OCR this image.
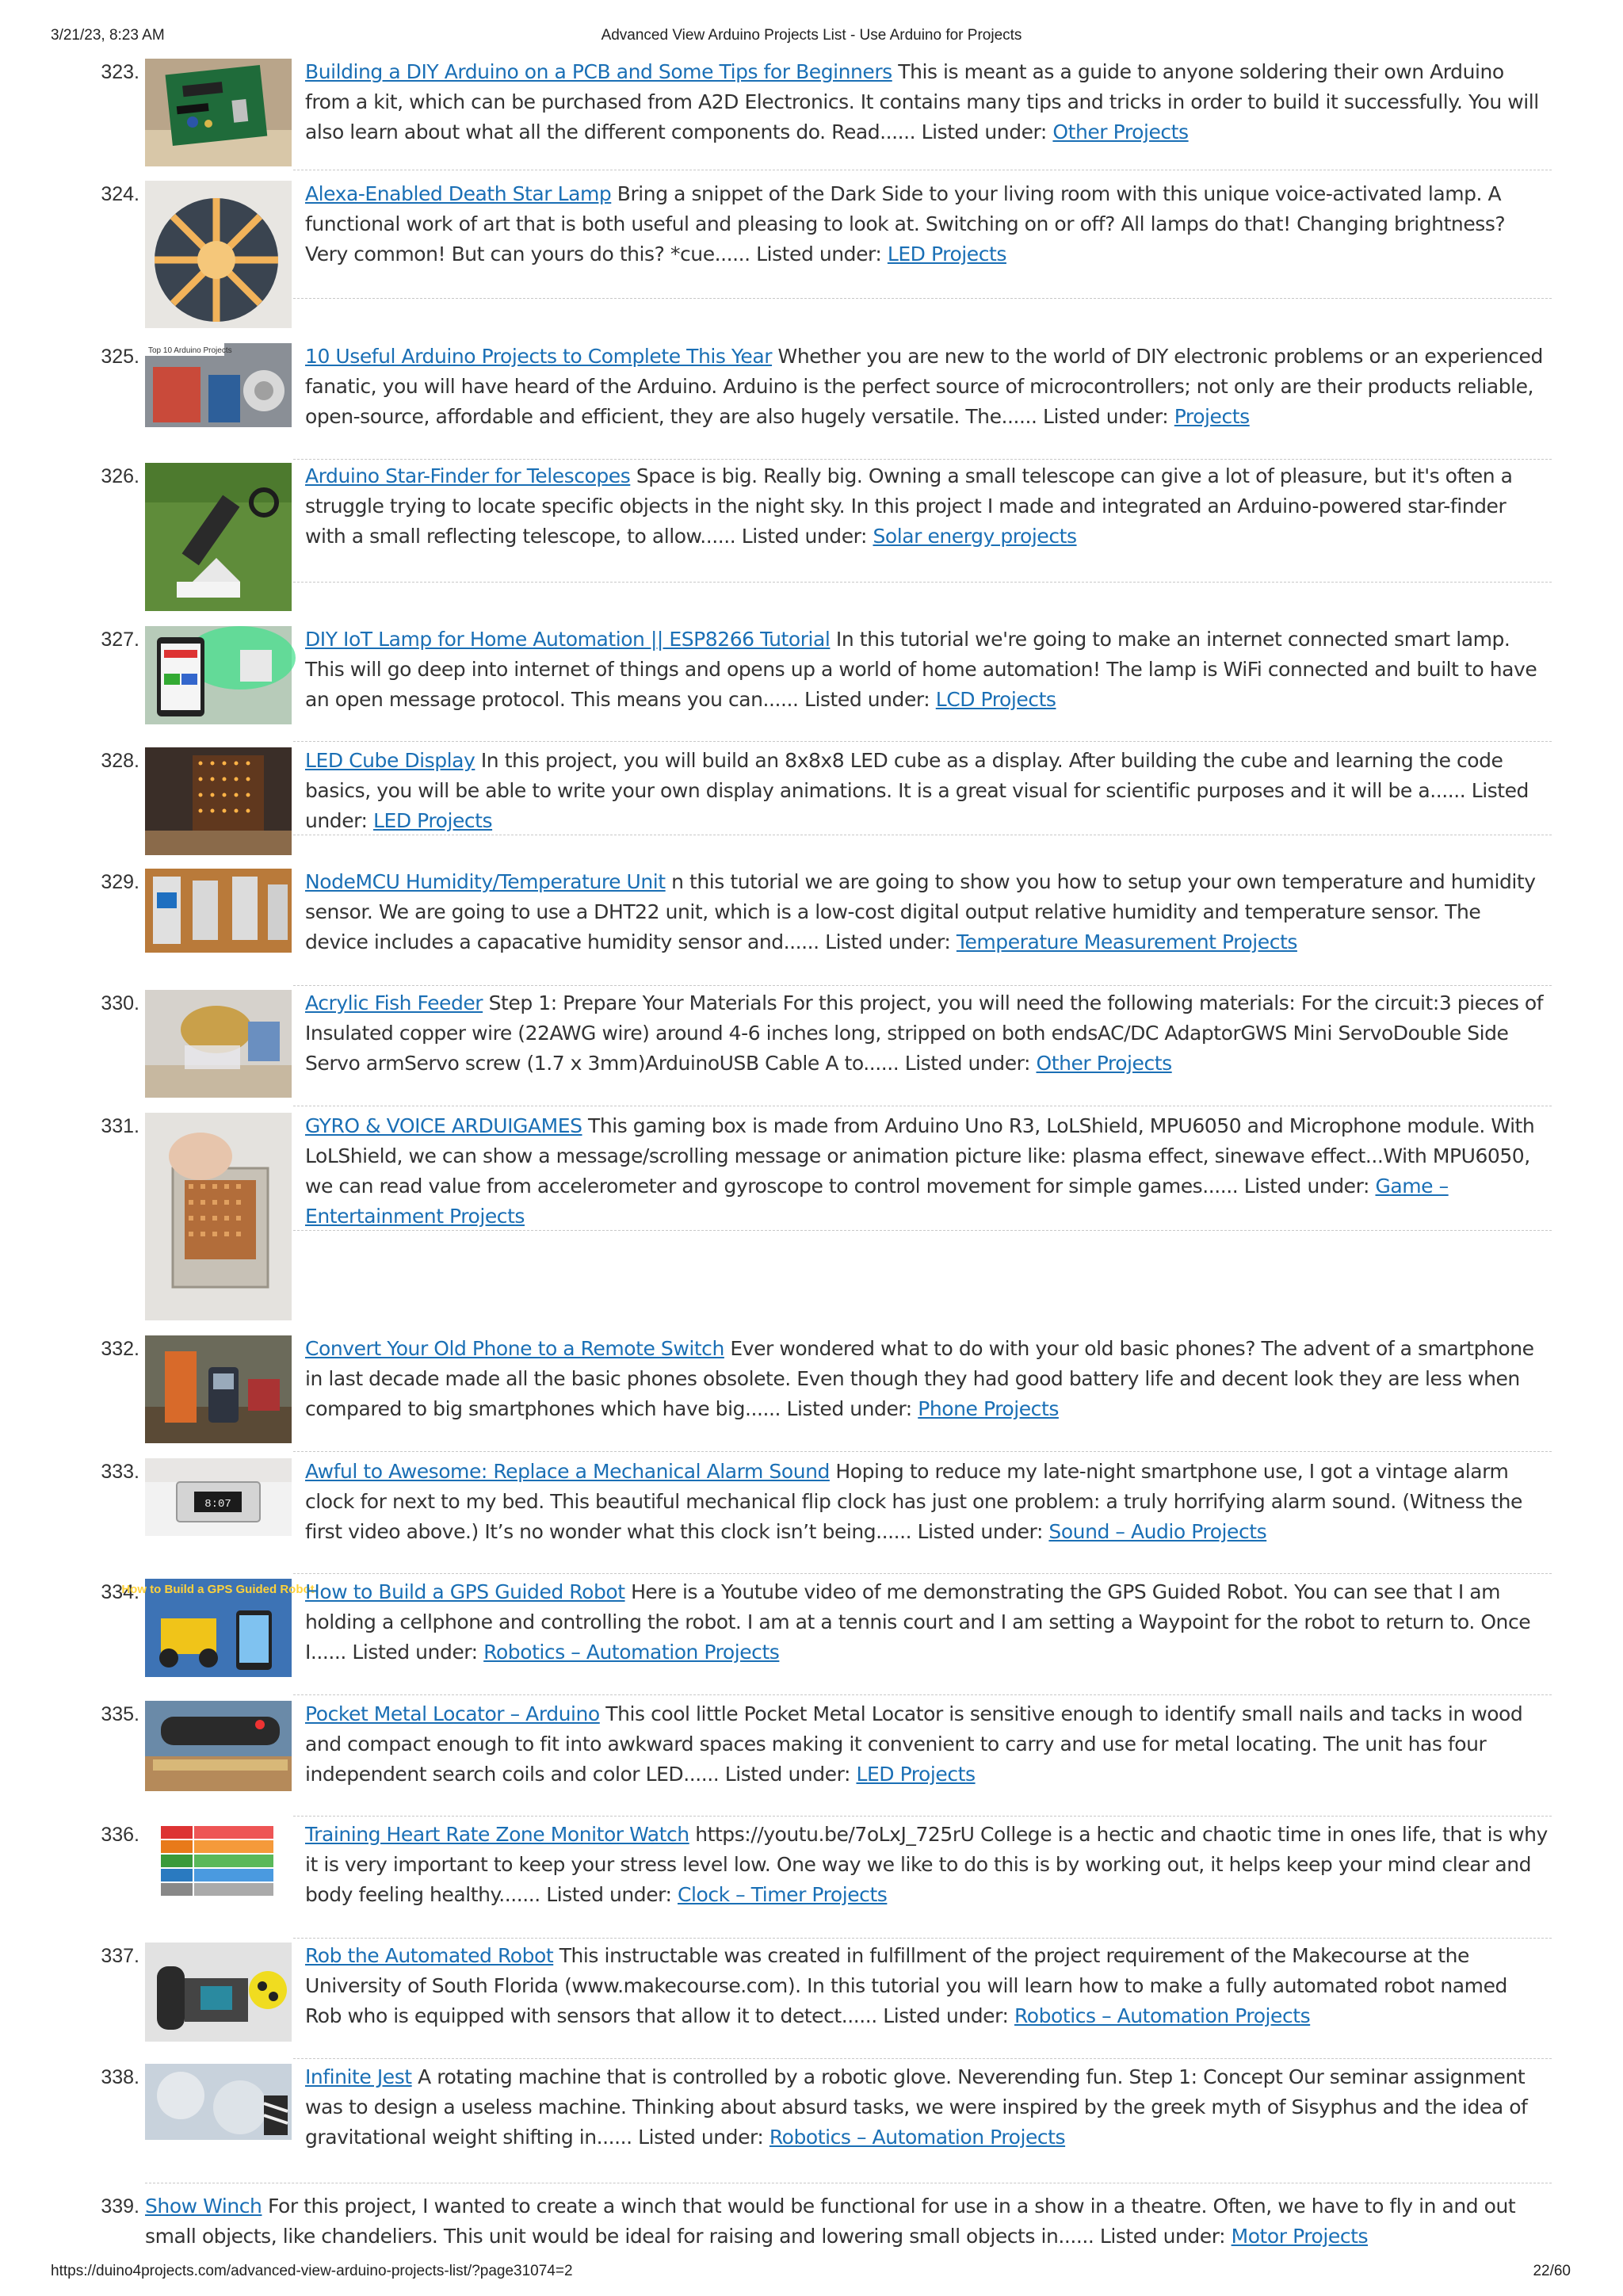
3/21/23, 8:23 AM	Advanced View Arduino Projects List - Use Arduino for Projects
323.	Building a DIY Arduino on a PCB and Some Tips for Beginners This is meant as a guide to anyone soldering their own Arduino from a kit, which can be purchased from A2D Electronics. It contains many tips and tricks in order to build it successfully. You will also learn about what all the different components do. Read...... Listed under: Other Projects
324.	Alexa-Enabled Death Star Lamp Bring a snippet of the Dark Side to your living room with this unique voice-activated lamp. A functional work of art that is both useful and pleasing to look at. Switching on or off? All lamps do that! Changing brightness? Very common! But can yours do this? *cue...... Listed under: LED Projects
325. Top 10 Arduino Projects	10 Useful Arduino Projects to Complete This Year Whether you are new to the world of DIY electronic problems or an experienced fanatic, you will have heard of the Arduino. Arduino is the perfect source of microcontrollers; not only are their products reliable, open-source, affordable and efficient, they are also hugely versatile. The...... Listed under: Projects
326.	Arduino Star-Finder for Telescopes Space is big. Really big. Owning a small telescope can give a lot of pleasure, but it's often a struggle trying to locate specific objects in the night sky. In this project I made and integrated an Arduino-powered star-finder with a small reflecting telescope, to allow...... Listed under: Solar energy projects
327.	DIY IoT Lamp for Home Automation || ESP8266 Tutorial In this tutorial we're going to make an internet connected smart lamp. This will go deep into internet of things and opens up a world of home automation! The lamp is WiFi connected and built to have an open message protocol. This means you can...... Listed under: LCD Projects
328.	LED Cube Display In this project, you will build an 8x8x8 LED cube as a display. After building the cube and learning the code basics, you will be able to write your own display animations. It is a great visual for scientific purposes and it will be a...... Listed under: LED Projects
329.	NodeMCU Humidity/Temperature Unit n this tutorial we are going to show you how to setup your own temperature and humidity sensor. We are going to use a DHT22 unit, which is a low-cost digital output relative humidity and temperature sensor. The device includes a capacative humidity sensor and...... Listed under: Temperature Measurement Projects
330.	Acrylic Fish Feeder Step 1: Prepare Your Materials For this project, you will need the following materials: For the circuit:3 pieces of Insulated copper wire (22AWG wire) around 4-6 inches long, stripped on both endsAC/DC AdaptorGWS Mini ServoDouble Side Servo armServo screw (1.7 x 3mm)ArduinoUSB Cable A to...... Listed under: Other Projects
331.	GYRO & VOICE ARDUIGAMES This gaming box is made from Arduino Uno R3, LoLShield, MPU6050 and Microphone module. With LoLShield, we can show a message/scrolling message or animation picture like: plasma effect, sinewave effect...With MPU6050, we can read value from accelerometer and gyroscope to control movement for simple games...... Listed under: Game – Entertainment Projects
332.	Convert Your Old Phone to a Remote Switch Ever wondered what to do with your old basic phones? The advent of a smartphone in last decade made all the basic phones obsolete. Even though they had good battery life and decent look they are less when compared to big smartphones which have big...... Listed under: Phone Projects
333.
8:07
Awful to Awesome: Replace a Mechanical Alarm Sound Hoping to reduce my late-night smartphone use, I got a vintage alarm clock for next to my bed. This beautiful mechanical flip clock has just one problem: a truly horrifying alarm sound. (Witness the first video above.) It’s no wonder what this clock isn’t being...... Listed under: Sound – Audio Projects
334.
How to Build a GPS Guided Robot
How to Build a GPS Guided Robot Here is a Youtube video of me demonstrating the GPS Guided Robot. You can see that I am holding a cellphone and controlling the robot. I am at a tennis court and I am setting a Waypoint for the robot to return to. Once I...... Listed under: Robotics – Automation Projects
335.	Pocket Metal Locator – Arduino This cool little Pocket Metal Locator is sensitive enough to identify small nails and tacks in wood and compact enough to fit into awkward spaces making it convenient to carry and use for metal locating. The unit has four independent search coils and color LED...... Listed under: LED Projects
336.	Training Heart Rate Zone Monitor Watch https://youtu.be/7oLxJ_725rU College is a hectic and chaotic time in ones life, that is why it is very important to keep your stress level low. One way we like to do this is by working out, it helps keep your mind clear and body feeling healthy....... Listed under: Clock – Timer Projects
337.	Rob the Automated Robot This instructable was created in fulfillment of the project requirement of the Makecourse at the University of South Florida (www.makecourse.com). In this tutorial you will learn how to make a fully automated robot named Rob who is equipped with sensors that allow it to detect...... Listed under: Robotics – Automation Projects
338.	Infinite Jest A rotating machine that is controlled by a robotic glove. Neverending fun. Step 1: Concept Our seminar assignment was to design a useless machine. Thinking about absurd tasks, we were inspired by the greek myth of Sisyphus and the idea of gravitational weight shifting in...... Listed under: Robotics – Automation Projects
339. Show Winch For this project, I wanted to create a winch that would be functional for use in a show in a theatre. Often, we have to fly in and out small objects, like chandeliers. This unit would be ideal for raising and lowering small objects in...... Listed under: Motor Projects
https://duino4projects.com/advanced-view-arduino-projects-list/?page31074=2	22/60
